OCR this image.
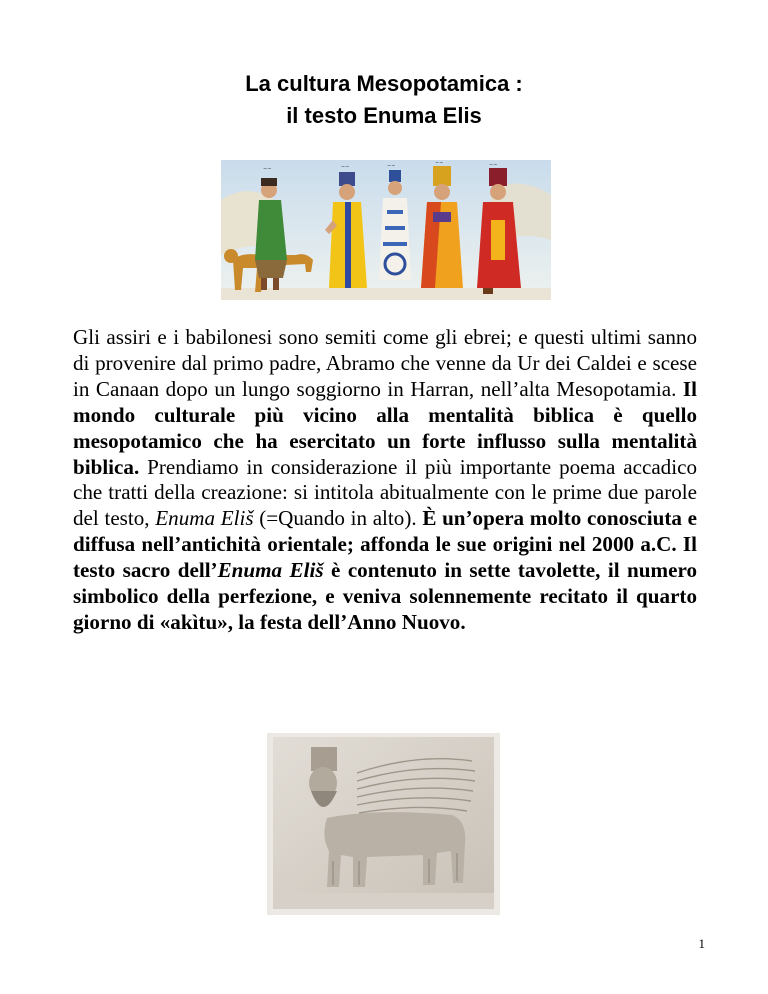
La cultura Mesopotamica :
il testo Enuma Elis
~~	~~	~~	~~	~~

Gli assiri e i babilonesi sono semiti come gli ebrei; e questi ultimi sanno di provenire dal primo padre, Abramo che venne da Ur dei Caldei e scese in Canaan dopo un lungo soggiorno in Harran, nell’alta Mesopotamia. Il mondo culturale più vicino alla mentalità biblica è quello mesopotamico che ha esercitato un forte influsso sulla mentalità biblica. Prendiamo in considerazione il più importante poema accadico che tratti della creazione: si intitola abitualmente con le prime due parole del testo, Enuma Eliš (=Quando in alto). È un’opera molto conosciuta e diffusa nell’antichità orientale; affonda le sue origini nel 2000 a.C. Il testo sacro dell’Enuma Eliš è contenuto in sette tavolette, il numero simbolico della perfezione, e veniva solennemente recitato il quarto giorno di «akìtu», la festa dell’Anno Nuovo.

1
